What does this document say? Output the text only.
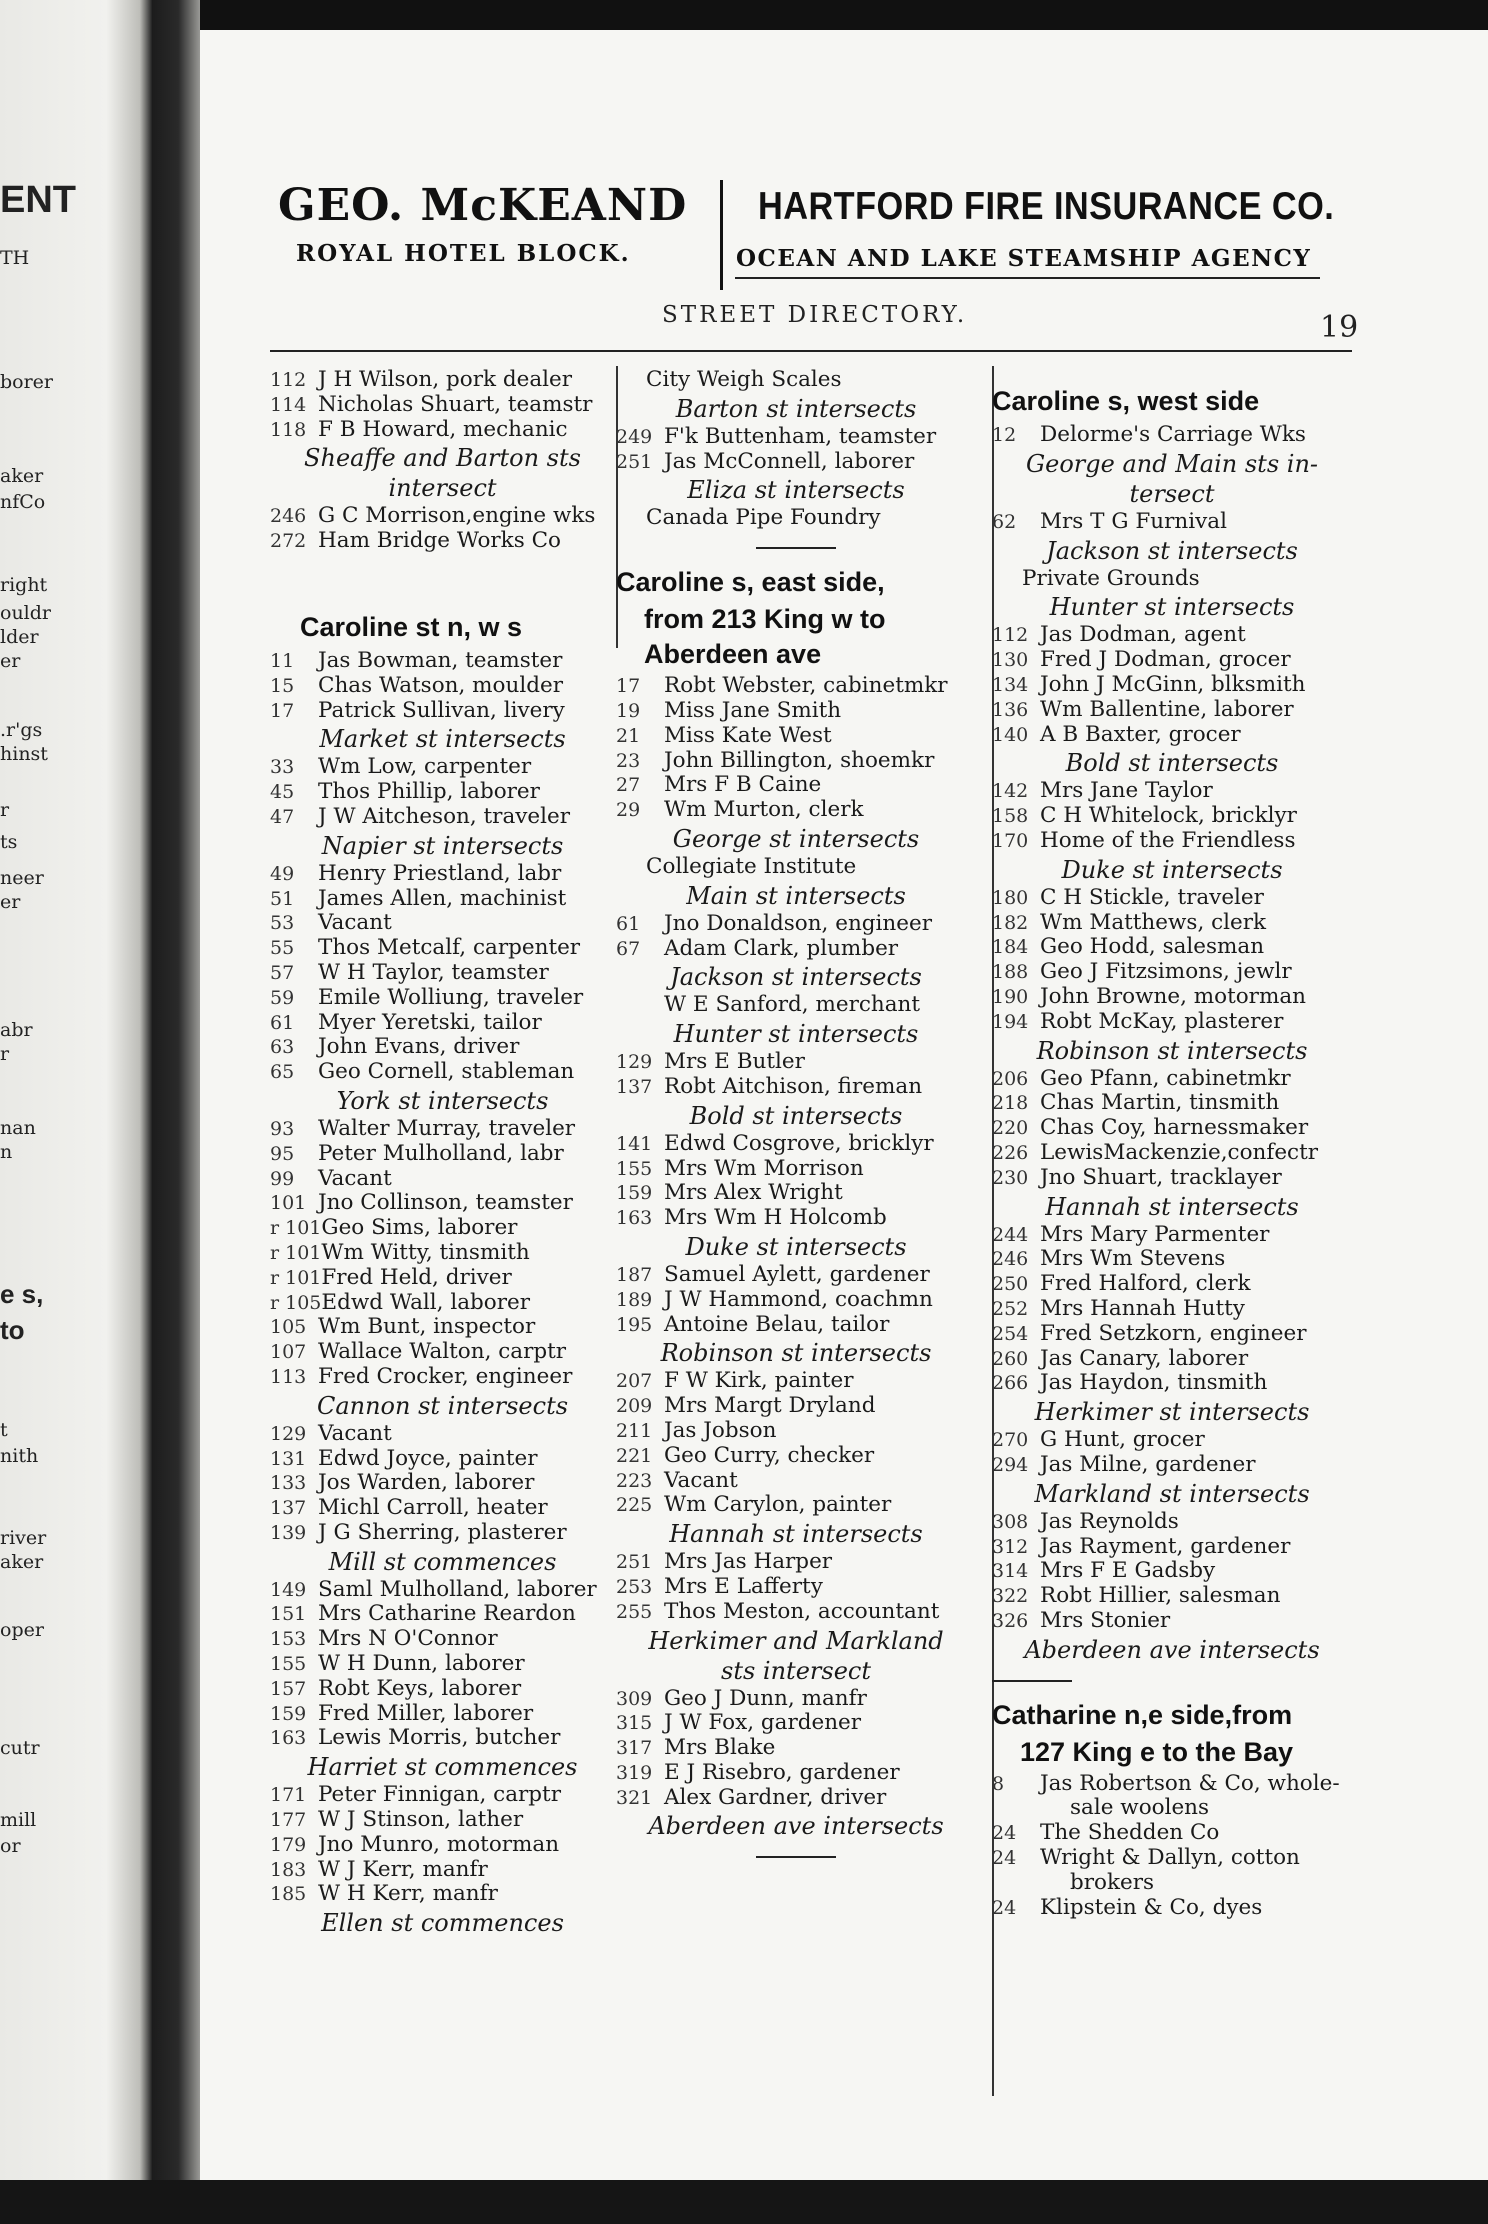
ENT
TH
borer
aker
nfCo
right
ouldr
lder
er
.r'gs
hinst
r
ts
neer
er
abr
r
nan
n
e s,
to
t
nith
river
aker
oper
cutr
mill
or
GEO. McKEAND
ROYAL HOTEL BLOCK.
HARTFORD FIRE INSURANCE CO.
OCEAN AND LAKE STEAMSHIP AGENCY
STREET DIRECTORY.	19
112 J H Wilson, pork dealer
114 Nicholas Shuart, teamstr
118 F B Howard, mechanic
Sheaffe and Barton sts
intersect
246 G C Morrison,engine wks
272 Ham Bridge Works Co
Caroline st n, w s
11 Jas Bowman, teamster
15 Chas Watson, moulder
17 Patrick Sullivan, livery
Market st intersects
33 Wm Low, carpenter
45 Thos Phillip, laborer
47 J W Aitcheson, traveler
Napier st intersects
49 Henry Priestland, labr
51 James Allen, machinist
53 Vacant
55 Thos Metcalf, carpenter
57 W H Taylor, teamster
59 Emile Wolliung, traveler
61 Myer Yeretski, tailor
63 John Evans, driver
65 Geo Cornell, stableman
York st intersects
93 Walter Murray, traveler
95 Peter Mulholland, labr
99 Vacant
101 Jno Collinson, teamster
r 101Geo Sims, laborer
r 101Wm Witty, tinsmith
r 101Fred Held, driver
r 105Edwd Wall, laborer
105 Wm Bunt, inspector
107 Wallace Walton, carptr
113 Fred Crocker, engineer
Cannon st intersects
129 Vacant
131 Edwd Joyce, painter
133 Jos Warden, laborer
137 Michl Carroll, heater
139 J G Sherring, plasterer
Mill st commences
149 Saml Mulholland, laborer
151 Mrs Catharine Reardon
153 Mrs N O'Connor
155 W H Dunn, laborer
157 Robt Keys, laborer
159 Fred Miller, laborer
163 Lewis Morris, butcher
Harriet st commences
171 Peter Finnigan, carptr
177 W J Stinson, lather
179 Jno Munro, motorman
183 W J Kerr, manfr
185 W H Kerr, manfr
Ellen st commences
City Weigh Scales
Barton st intersects
249 F'k Buttenham, teamster
251 Jas McConnell, laborer
Eliza st intersects
Canada Pipe Foundry
Caroline s, east side,
from 213 King w to
Aberdeen ave
17 Robt Webster, cabinetmkr
19 Miss Jane Smith
21 Miss Kate West
23 John Billington, shoemkr
27 Mrs F B Caine
29 Wm Murton, clerk
George st intersects
Collegiate Institute
Main st intersects
61 Jno Donaldson, engineer
67 Adam Clark, plumber
Jackson st intersects
W E Sanford, merchant
Hunter st intersects
129 Mrs E Butler
137 Robt Aitchison, fireman
Bold st intersects
141 Edwd Cosgrove, bricklyr
155 Mrs Wm Morrison
159 Mrs Alex Wright
163 Mrs Wm H Holcomb
Duke st intersects
187 Samuel Aylett, gardener
189 J W Hammond, coachmn
195 Antoine Belau, tailor
Robinson st intersects
207 F W Kirk, painter
209 Mrs Margt Dryland
211 Jas Jobson
221 Geo Curry, checker
223 Vacant
225 Wm Carylon, painter
Hannah st intersects
251 Mrs Jas Harper
253 Mrs E Lafferty
255 Thos Meston, accountant
Herkimer and Markland
sts intersect
309 Geo J Dunn, manfr
315 J W Fox, gardener
317 Mrs Blake
319 E J Risebro, gardener
321 Alex Gardner, driver
Aberdeen ave intersects
Caroline s, west side
12 Delorme's Carriage Wks
George and Main sts in-
tersect
62 Mrs T G Furnival
Jackson st intersects
Private Grounds
Hunter st intersects
112 Jas Dodman, agent
130 Fred J Dodman, grocer
134 John J McGinn, blksmith
136 Wm Ballentine, laborer
140 A B Baxter, grocer
Bold st intersects
142 Mrs Jane Taylor
158 C H Whitelock, bricklyr
170 Home of the Friendless
Duke st intersects
180 C H Stickle, traveler
182 Wm Matthews, clerk
184 Geo Hodd, salesman
188 Geo J Fitzsimons, jewlr
190 John Browne, motorman
194 Robt McKay, plasterer
Robinson st intersects
206 Geo Pfann, cabinetmkr
218 Chas Martin, tinsmith
220 Chas Coy, harnessmaker
226 LewisMackenzie,confectr
230 Jno Shuart, tracklayer
Hannah st intersects
244 Mrs Mary Parmenter
246 Mrs Wm Stevens
250 Fred Halford, clerk
252 Mrs Hannah Hutty
254 Fred Setzkorn, engineer
260 Jas Canary, laborer
266 Jas Haydon, tinsmith
Herkimer st intersects
270 G Hunt, grocer
294 Jas Milne, gardener
Markland st intersects
308 Jas Reynolds
312 Jas Rayment, gardener
314 Mrs F E Gadsby
322 Robt Hillier, salesman
326 Mrs Stonier
Aberdeen ave intersects
Catharine n,e side,from
127 King e to the Bay
8 Jas Robertson & Co, whole-
sale woolens
24 The Shedden Co
24 Wright & Dallyn, cotton
brokers
24 Klipstein & Co, dyes
